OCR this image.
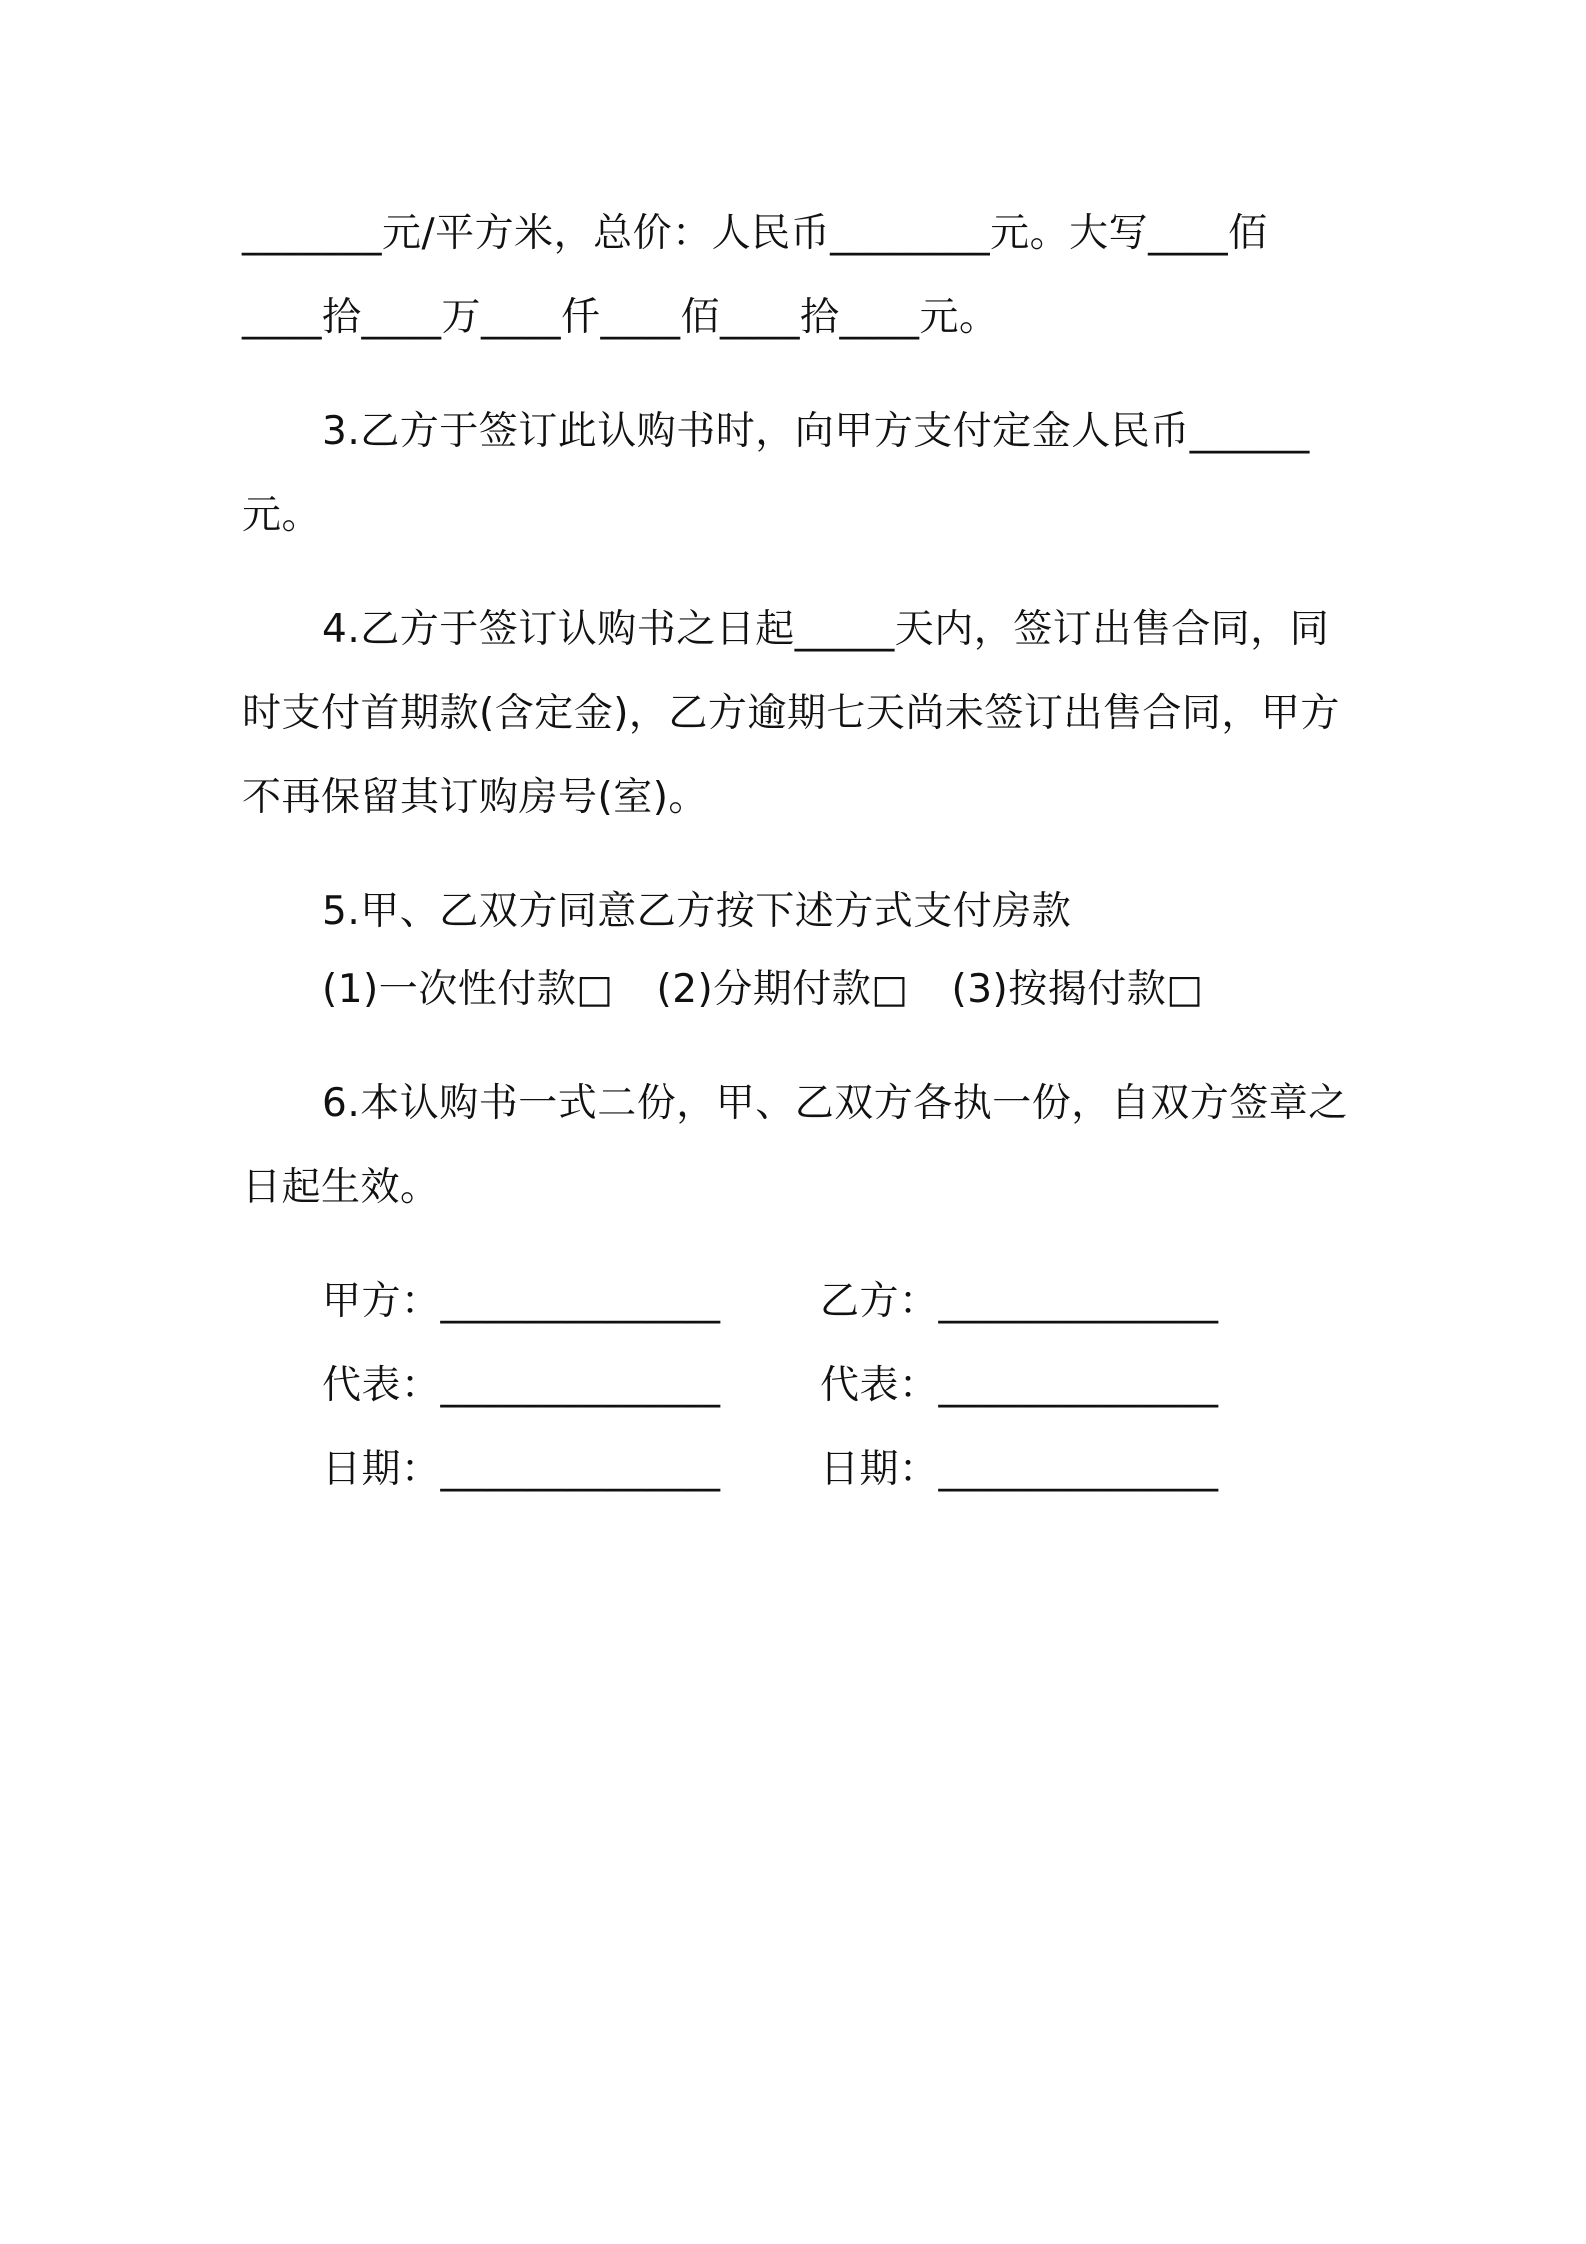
_______元/平方米，总价：人民币________元。大写____佰
____拾____万____仟____佰____拾____元。

3.乙方于签订此认购书时，向甲方支付定金人民币______元。

4.乙方于签订认购书之日起_____天内，签订出售合同，同时支付首期款(含定金)，乙方逾期七天尚未签订出售合同，甲方不再保留其订购房号(室)。

5.甲、乙双方同意乙方按下述方式支付房款

(1)一次性付款□ (2)分期付款□ (3)按揭付款□

6.本认购书一式二份，甲、乙双方各执一份，自双方签章之日起生效。

甲方：______________	乙方：______________
代表：______________	代表：______________
日期：______________	日期：______________
